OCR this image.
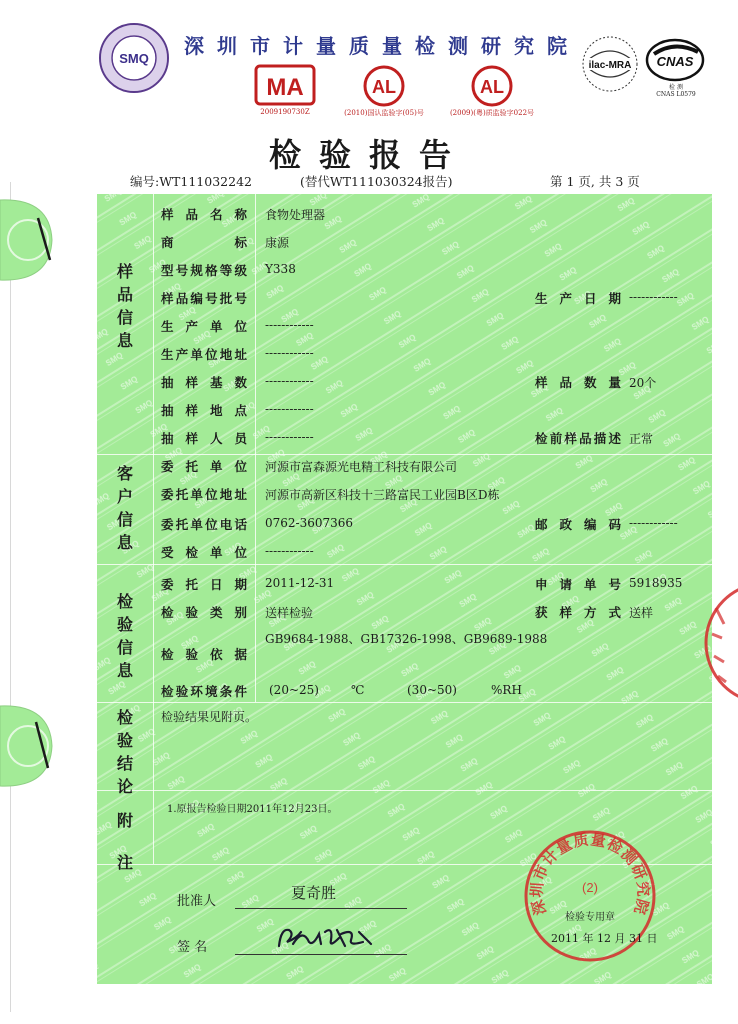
SMQ
深圳市计量质量检测研究院
MA
2009190730Z
AL
(2010)国认监验字(05)号
AL
(2009)(粤)质监验字022号
ilac-MRA CNAS
检 测
CNAS L0579
检验报告
编号:WT111032242	(替代WT111030324报告)	第 1 页, 共 3 页
样品信息
客户信息
检验信息
检验结论
附注
样品名称 食物处理器
商标 康源
型号规格等级 Y338
样品编号批号	生产日期 ------------
生产单位 ------------
生产单位地址 ------------
抽样基数 ------------	样品数量 20个
抽样地点 ------------
抽样人员 ------------	检前样品描述 正常
委托单位 河源市富森源光电精工科技有限公司
委托单位地址 河源市高新区科技十三路富民工业园B区D栋
委托单位电话 0762-3607366	邮政编码 ------------
受检单位 ------------
委托日期 2011-12-31	申请单号 5918935
检验类别 送样检验	获样方式 送样
GB9684-1988、GB17326-1998、GB9689-1988
检验依据
检验环境条件 (20~25)	℃	(30~50)	%RH
检验结果见附页。
1.原报告检验日期2011年12月23日。
批准人	夏奇胜
签 名
深圳市计量质量检测研究院
(2)
检验专用章
2011 年 12 月 31 日
